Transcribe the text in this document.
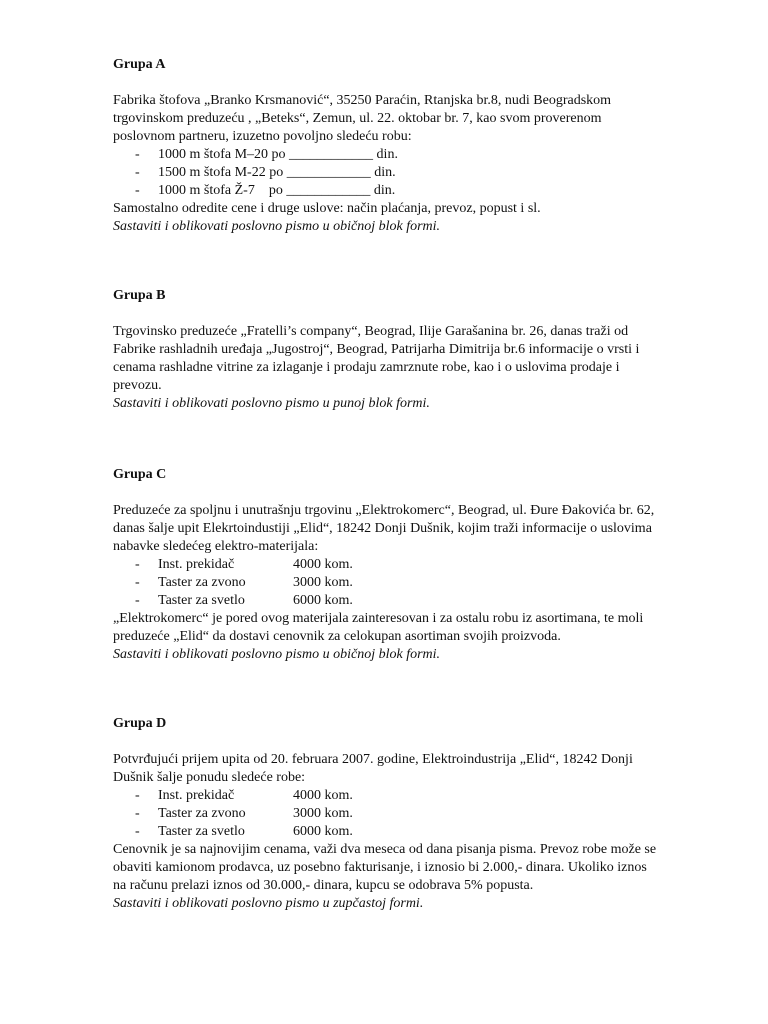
Grupa A

Fabrika štofova „Branko Krsmanović“, 35250 Paraćin, Rtanjska br.8, nudi Beogradskom trgovinskom preduzeću , „Beteks“, Zemun, ul. 22. oktobar br. 7, kao svom proverenom poslovnom partneru, izuzetno povoljno sledeću robu:

- 1000 m štofa M–20 po ____________ din.
- 1500 m štofa M-22 po ____________ din.
- 1000 m štofa Ž-7    po ____________ din.

Samostalno odredite cene i druge uslove: način plaćanja, prevoz, popust i sl.

Sastaviti i oblikovati poslovno pismo u običnoj blok formi.

Grupa B

Trgovinsko preduzeće „Fratelli’s company“, Beograd, Ilije Garašanina br. 26, danas traži od Fabrike rashladnih uređaja „Jugostroj“, Beograd, Patrijarha Dimitrija br.6 informacije o vrsti i cenama rashladne vitrine za izlaganje i prodaju zamrznute robe, kao i o uslovima prodaje i prevozu.

Sastaviti i oblikovati poslovno pismo u punoj blok formi.

Grupa C

Preduzeće za spoljnu i unutrašnju trgovinu „Elektrokomerc“, Beograd, ul. Đure Đakovića br. 62, danas šalje upit Elekrtoindustiji „Elid“, 18242 Donji Dušnik, kojim traži informacije o uslovima nabavke sledećeg elektro-materijala:

- Inst. prekidač	4000 kom.
- Taster za zvono	3000 kom.
- Taster za svetlo	6000 kom.

„Elektrokomerc“ je pored ovog materijala zainteresovan i za ostalu robu iz asortimana, te moli preduzeće „Elid“ da dostavi cenovnik za celokupan asortiman svojih proizvoda.

Sastaviti i oblikovati poslovno pismo u običnoj blok formi.

Grupa D

Potvrđujući prijem upita od 20. februara 2007. godine, Elektroindustrija „Elid“, 18242 Donji Dušnik šalje ponudu sledeće robe:

- Inst. prekidač	4000 kom.
- Taster za zvono	3000 kom.
- Taster za svetlo	6000 kom.

Cenovnik je sa najnovijim cenama, važi dva meseca od dana pisanja pisma. Prevoz robe može se obaviti kamionom prodavca, uz posebno fakturisanje, i iznosio bi 2.000,- dinara. Ukoliko iznos na računu prelazi iznos od 30.000,- dinara, kupcu se odobrava 5% popusta.

Sastaviti i oblikovati poslovno pismo u zupčastoj formi.
